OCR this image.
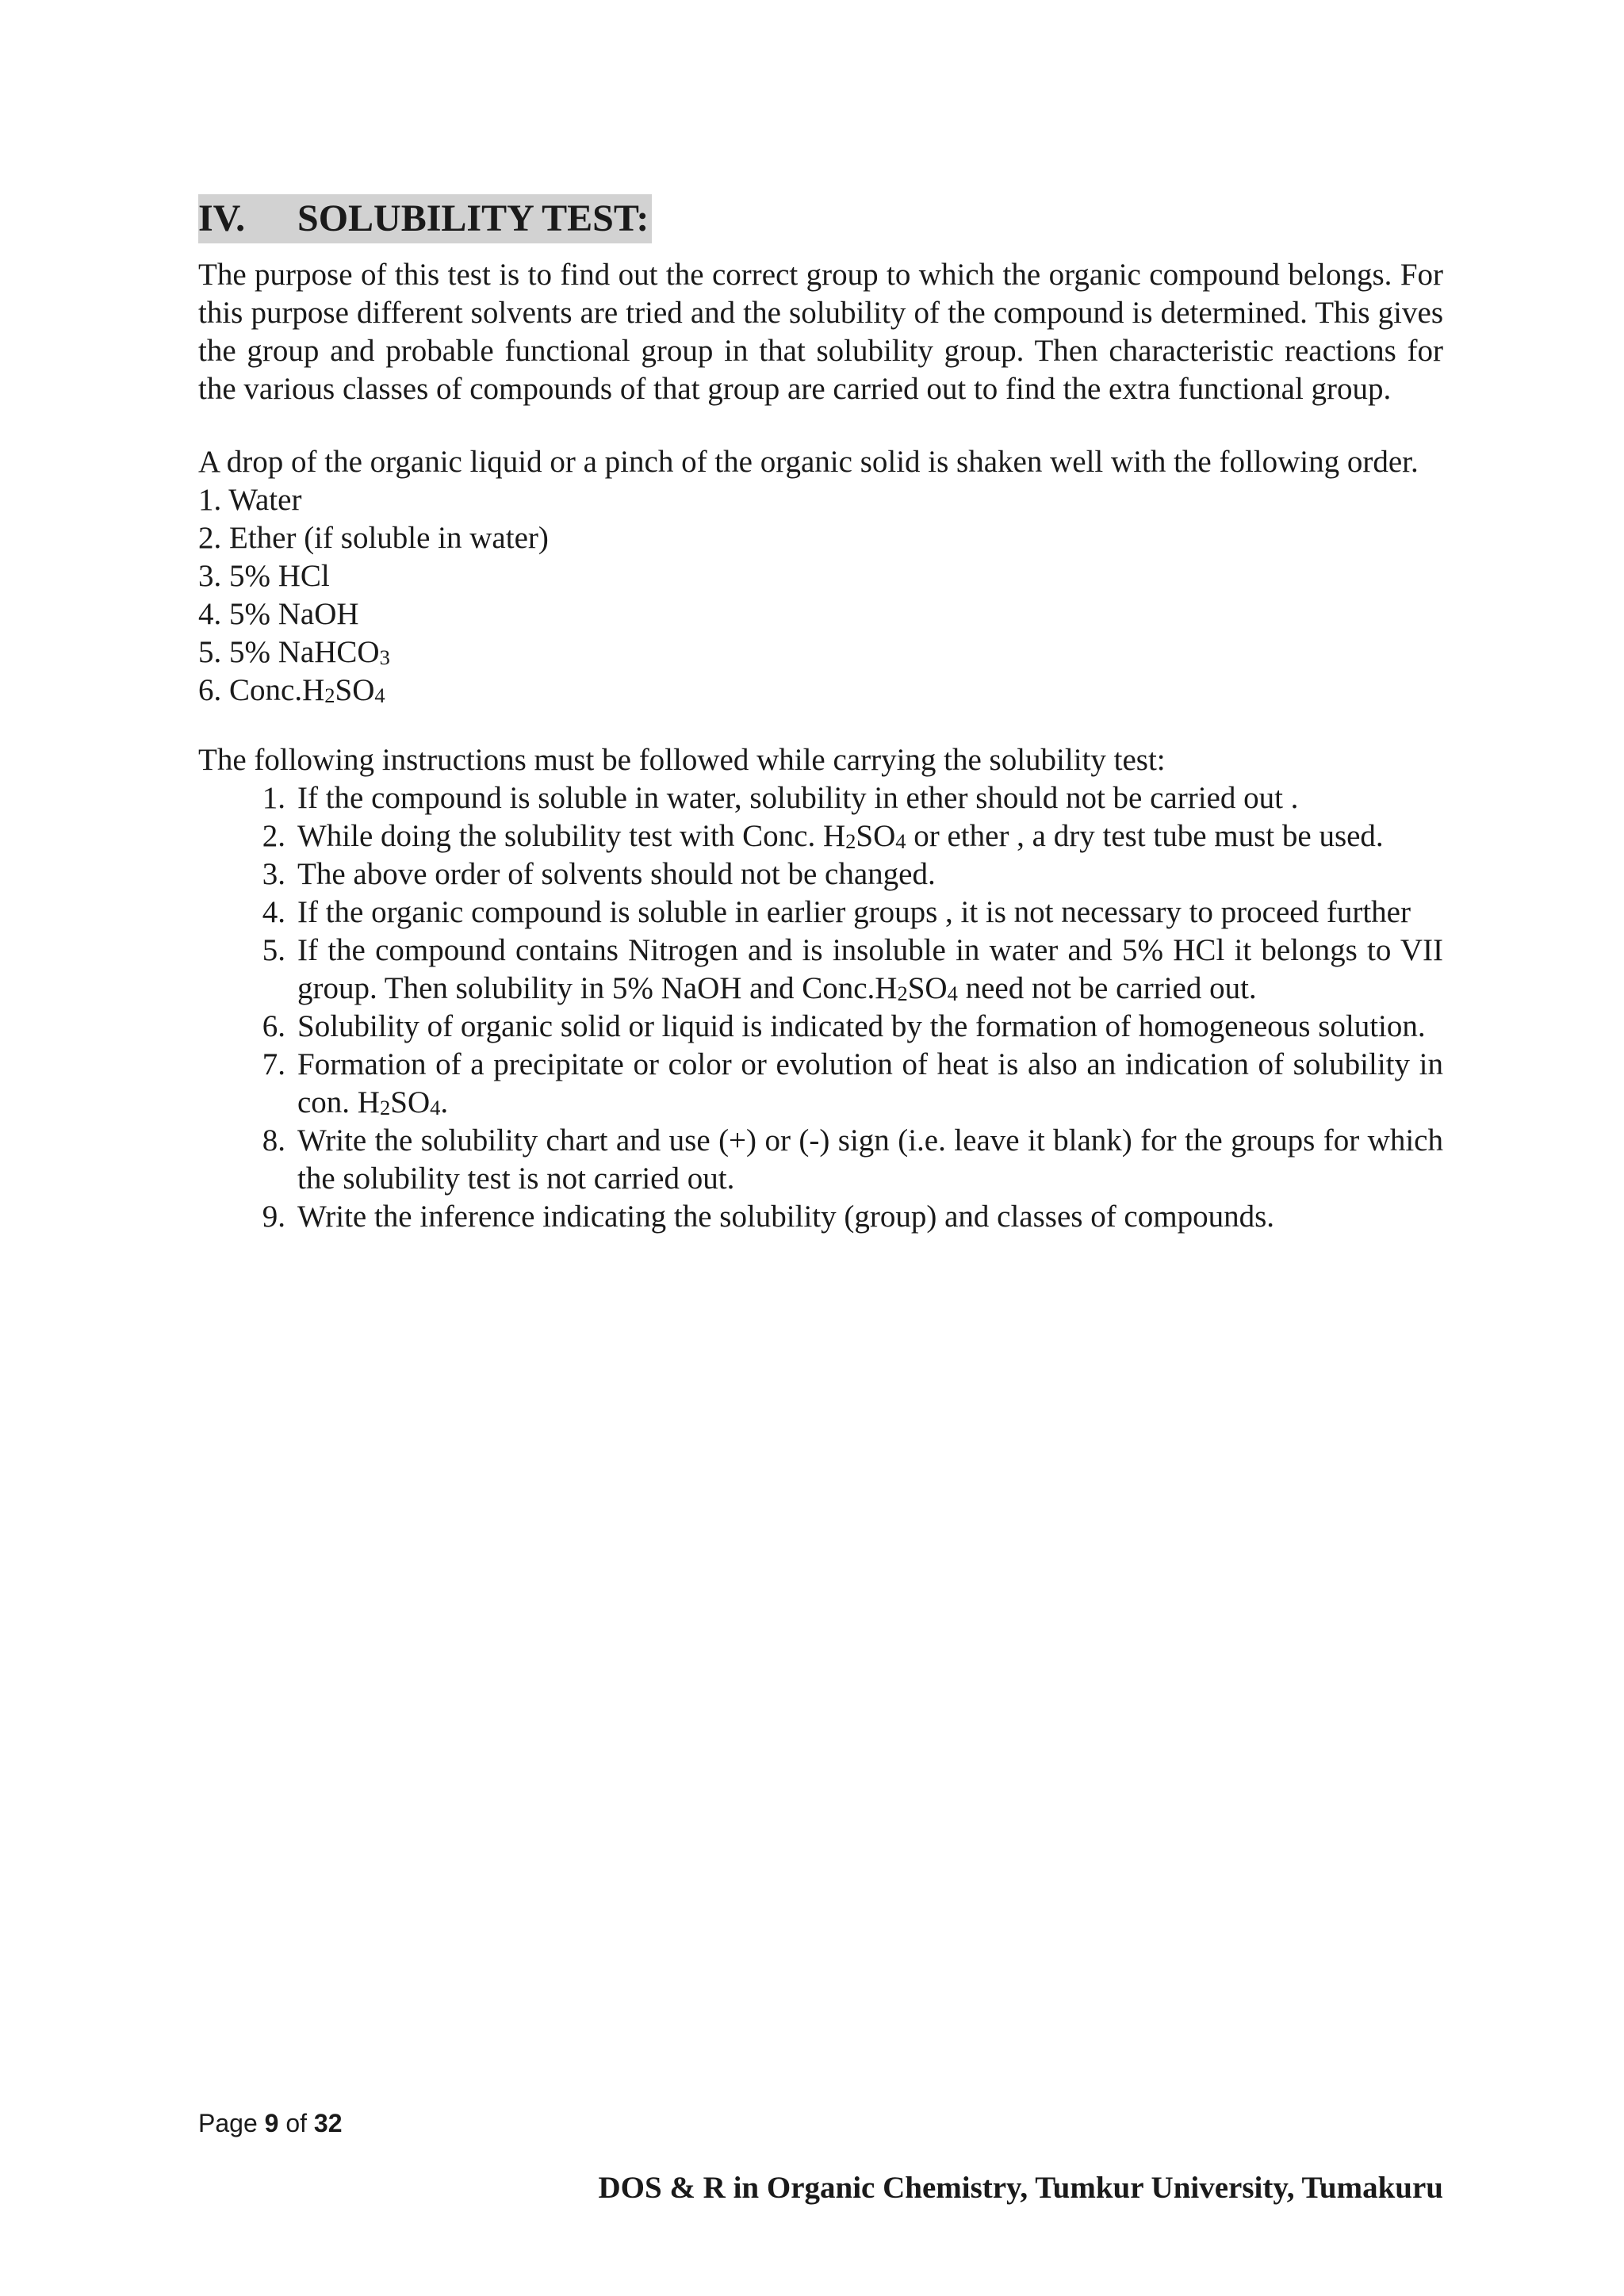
IV. SOLUBILITY TEST:

The purpose of this test is to find out the correct group to which the organic compound belongs. For this purpose different solvents are tried and the solubility of the compound is determined. This gives the group and probable functional group in that solubility group. Then characteristic reactions for the various classes of compounds of that group are carried out to find the extra functional group.

A drop of the organic liquid or a pinch of the organic solid is shaken well with the following order.

1. Water
2. Ether (if soluble in water)
3. 5% HCl
4. 5% NaOH
5. 5% NaHCO$_3$
6. $Conc.H_2SO_4$

The following instructions must be followed while carrying the solubility test:

1. If the compound is soluble in water, solubility in ether should not be carried out .
2. While doing the solubility test with Conc. $H_2SO_4$ or ether , a dry test tube must be used.
3. The above order of solvents should not be changed.
4. If the organic compound is soluble in earlier groups , it is not necessary to proceed further
5. If the compound contains Nitrogen and is insoluble in water and 5% HCl it belongs to VII group. Then solubility in 5% NaOH and $Conc.H_2SO_4$ need not be carried out.
6. Solubility of organic solid or liquid is indicated by the formation of homogeneous solution.
7. Formation of a precipitate or color or evolution of heat is also an indication of solubility in con. $H_2SO_4$.
8. Write the solubility chart and use (+) or (-) sign (i.e. leave it blank) for the groups for which the solubility test is not carried out.
9. Write the inference indicating the solubility (group) and classes of compounds.
Page 9 of 32
DOS & R in Organic Chemistry, Tumkur University, Tumakuru
